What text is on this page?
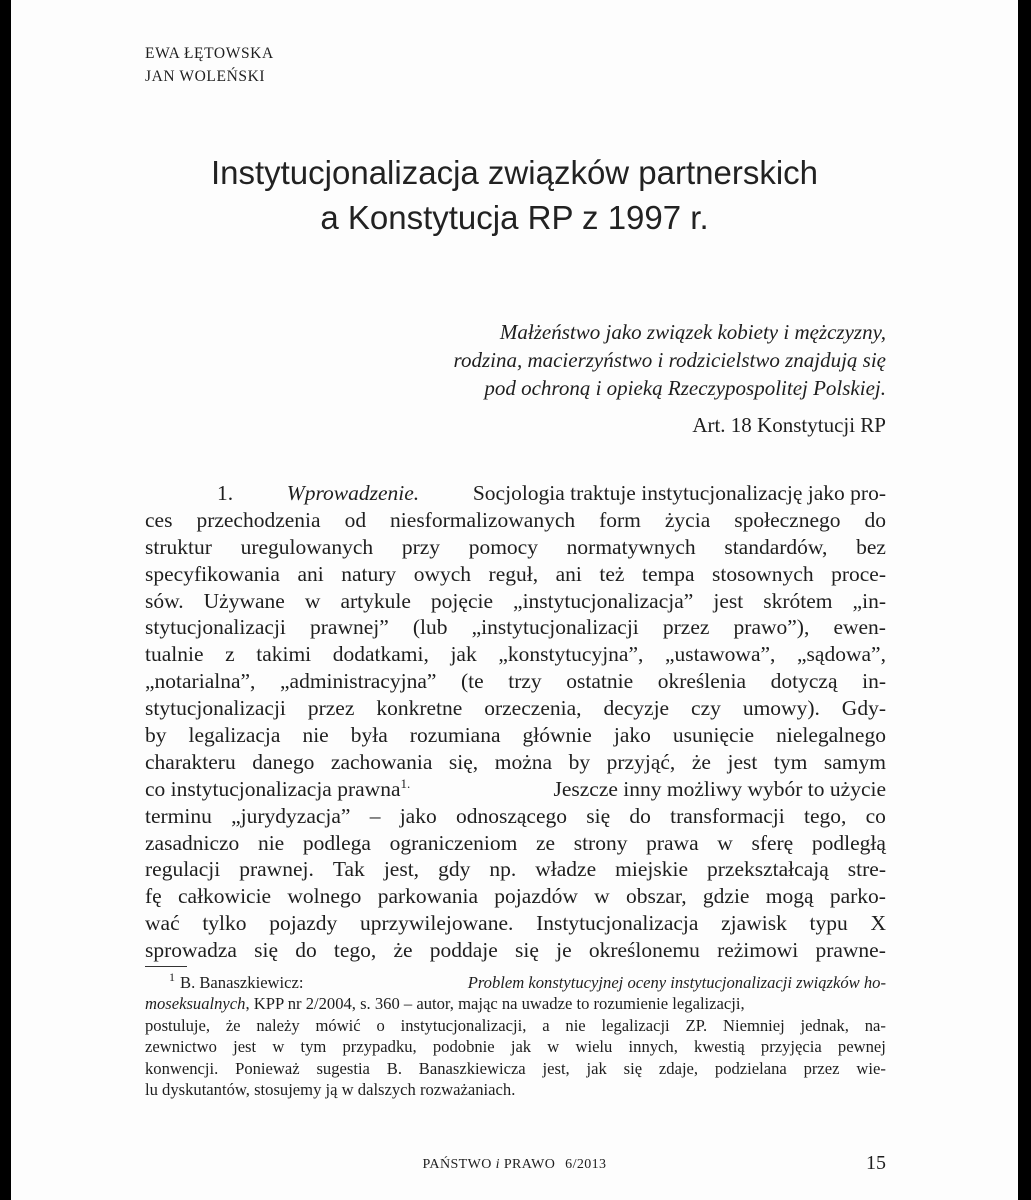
EWA ŁĘTOWSKA
JAN WOLEŃSKI
Instytucjonalizacja związków partnerskich
a Konstytucja RP z 1997 r.
Małżeństwo jako związek kobiety i mężczyzny,
rodzina, macierzyństwo i rodzicielstwo znajdują się
pod ochroną i opieką Rzeczypospolitej Polskiej.
Art. 18 Konstytucji RP
1. Wprowadzenie. Socjologia traktuje instytucjonalizację jako pro-
ces przechodzenia od niesformalizowanych form życia społecznego do
struktur uregulowanych przy pomocy normatywnych standardów, bez
specyfikowania ani natury owych reguł, ani też tempa stosownych proce-
sów. Używane w artykule pojęcie „instytucjonalizacja” jest skrótem „in-
stytucjonalizacji prawnej” (lub „instytucjonalizacji przez prawo”), ewen-
tualnie z takimi dodatkami, jak „konstytucyjna”, „ustawowa”, „sądowa”,
„notarialna”, „administracyjna” (te trzy ostatnie określenia dotyczą in-
stytucjonalizacji przez konkretne orzeczenia, decyzje czy umowy). Gdy-
by legalizacja nie była rozumiana głównie jako usunięcie nielegalnego
charakteru danego zachowania się, można by przyjąć, że jest tym samym
co instytucjonalizacja prawna$^{1.}$	Jeszcze inny możliwy wybór to użycie
terminu „jurydyzacja” – jako odnoszącego się do transformacji tego, co
zasadniczo nie podlega ograniczeniom ze strony prawa w sferę podległą
regulacji prawnej. Tak jest, gdy np. władze miejskie przekształcają stre-
fę całkowicie wolnego parkowania pojazdów w obszar, gdzie mogą parko-
wać tylko pojazdy uprzywilejowane. Instytucjonalizacja zjawisk typu X
sprowadza się do tego, że poddaje się je określonemu reżimowi prawne-
$^1$ B. Banaszkiewicz:	Problem konstytucyjnej oceny instytucjonalizacji związków ho-
moseksualnych, KPP nr 2/2004, s. 360 – autor, mając na uwadze to rozumienie legalizacji,
postuluje, że należy mówić o instytucjonalizacji, a nie legalizacji ZP. Niemniej jednak, na-
zewnictwo jest w tym przypadku, podobnie jak w wielu innych, kwestią przyjęcia pewnej
konwencji. Ponieważ sugestia B. Banaszkiewicza jest, jak się zdaje, podzielana przez wie-
lu dyskutantów, stosujemy ją w dalszych rozważaniach.
PAŃSTWO i PRAWO 6/2013	15
